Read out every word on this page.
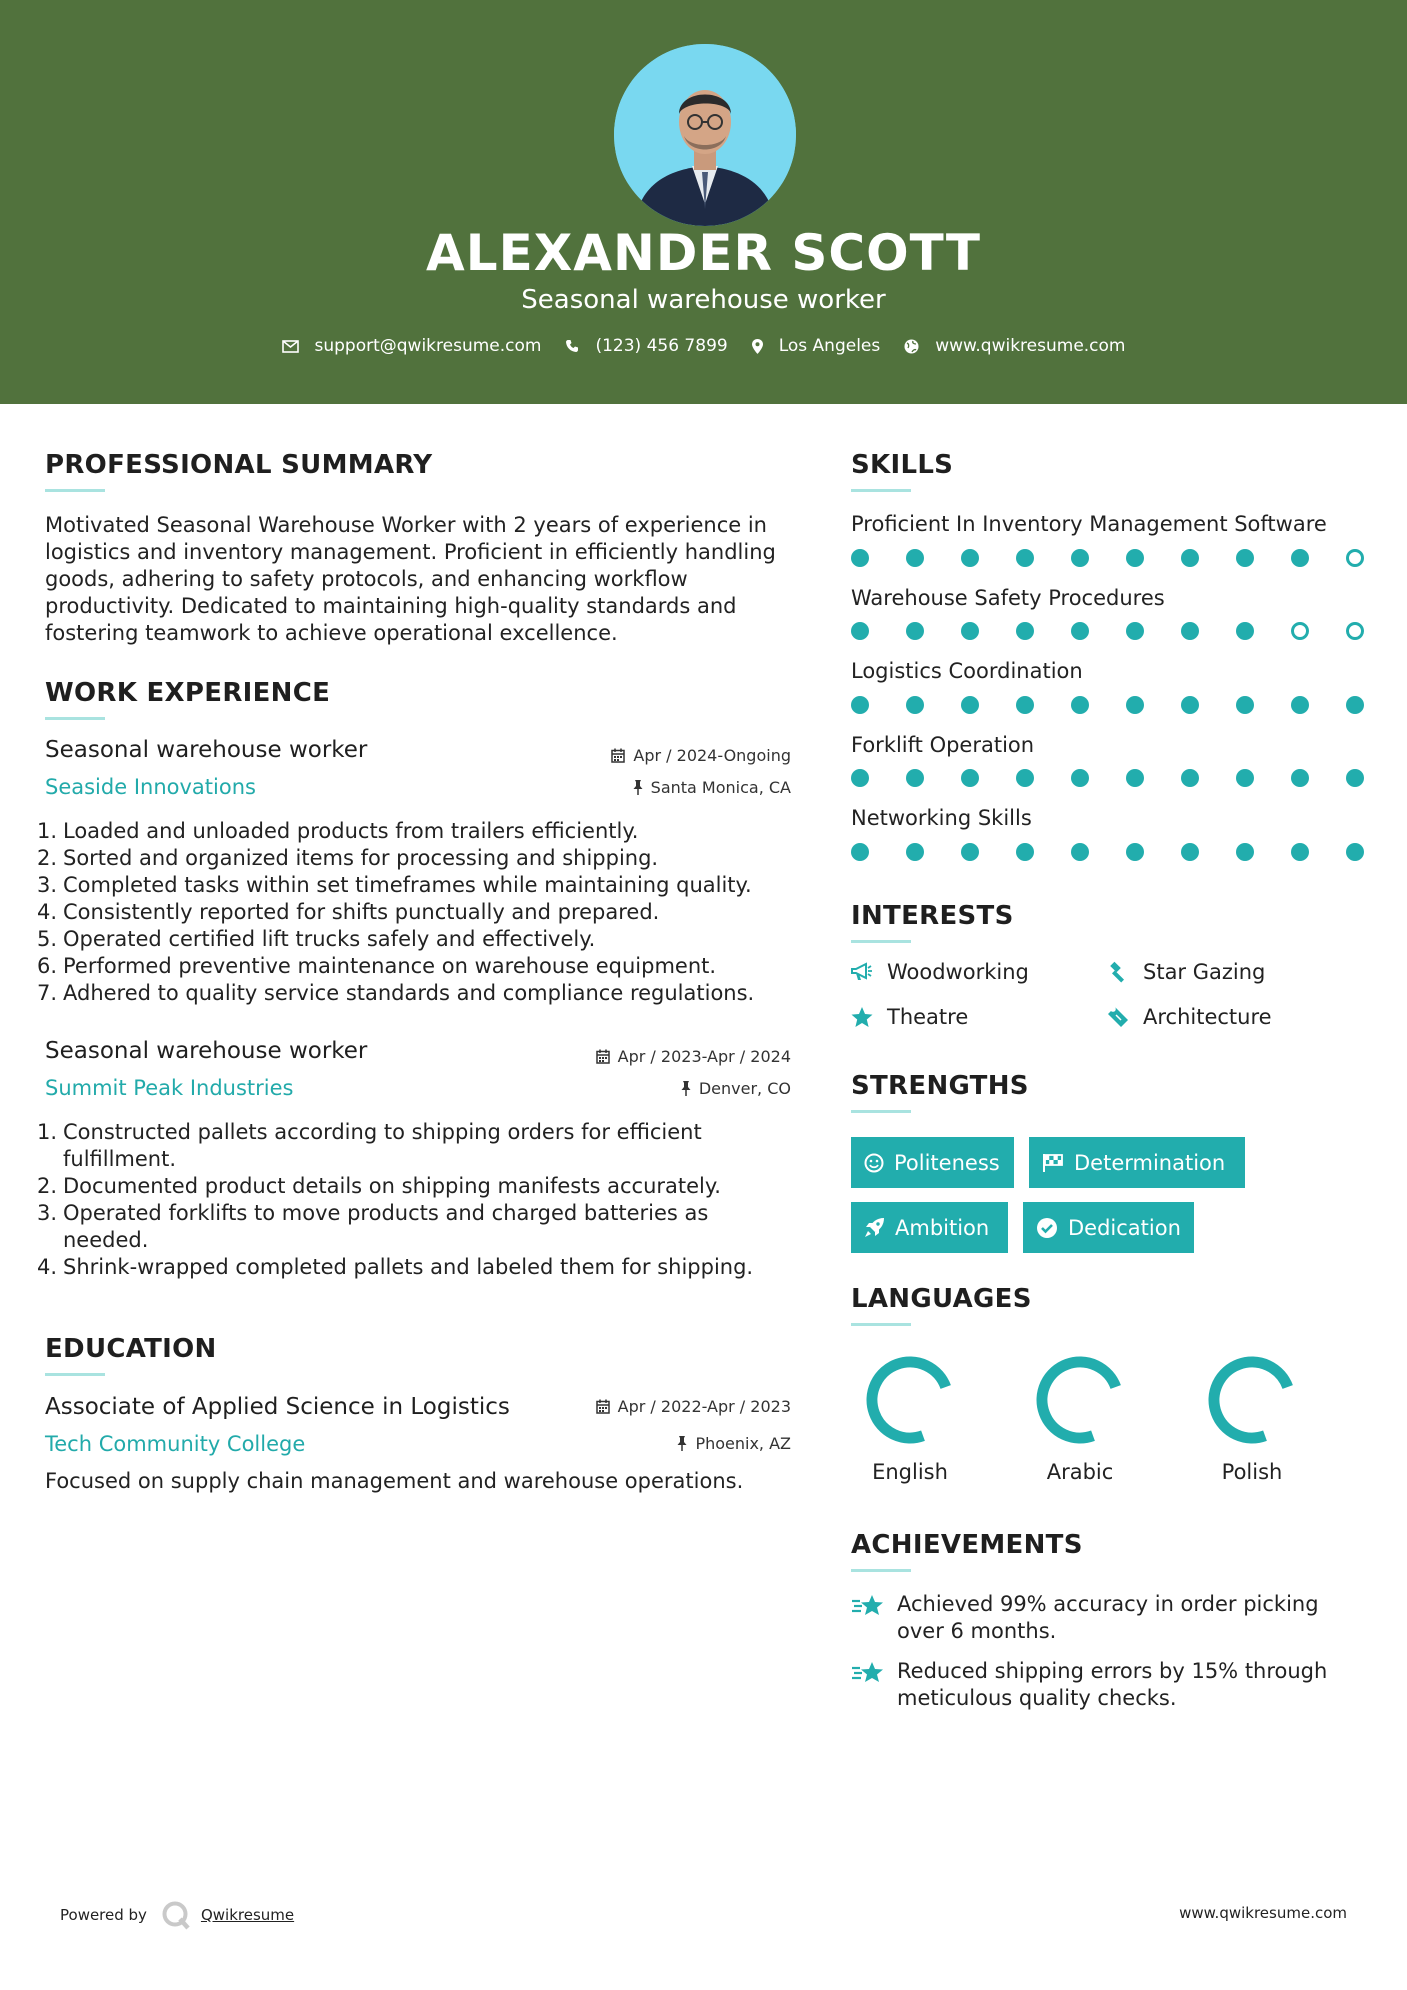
ALEXANDER SCOTT
Seasonal warehouse worker
support@qwikresume.com	(123) 456 7899	Los Angeles	www.qwikresume.com
PROFESSIONAL SUMMARY
Motivated Seasonal Warehouse Worker with 2 years of experience in logistics and inventory management. Proficient in efficiently handling goods, adhering to safety protocols, and enhancing workflow productivity. Dedicated to maintaining high-quality standards and fostering teamwork to achieve operational excellence.
WORK EXPERIENCE
Seasonal warehouse worker	Apr / 2024-Ongoing
Seaside Innovations	Santa Monica, CA
1. Loaded and unloaded products from trailers efficiently.
2. Sorted and organized items for processing and shipping.
3. Completed tasks within set timeframes while maintaining quality.
4. Consistently reported for shifts punctually and prepared.
5. Operated certified lift trucks safely and effectively.
6. Performed preventive maintenance on warehouse equipment.
7. Adhered to quality service standards and compliance regulations.
Seasonal warehouse worker	Apr / 2023-Apr / 2024
Summit Peak Industries	Denver, CO
1. Constructed pallets according to shipping orders for efficient fulfillment.
2. Documented product details on shipping manifests accurately.
3. Operated forklifts to move products and charged batteries as needed.
4. Shrink-wrapped completed pallets and labeled them for shipping.
EDUCATION
Associate of Applied Science in Logistics	Apr / 2022-Apr / 2023
Tech Community College	Phoenix, AZ
Focused on supply chain management and warehouse operations.
SKILLS
Proficient In Inventory Management Software
Warehouse Safety Procedures
Logistics Coordination
Forklift Operation
Networking Skills
INTERESTS
Woodworking	Star Gazing
Theatre	Architecture
STRENGTHS
Politeness	Determination
Ambition	Dedication
LANGUAGES
English	Arabic	Polish
ACHIEVEMENTS
Achieved 99% accuracy in order picking over 6 months.
Reduced shipping errors by 15% through meticulous quality checks.
Powered by	Qwikresume	www.qwikresume.com
